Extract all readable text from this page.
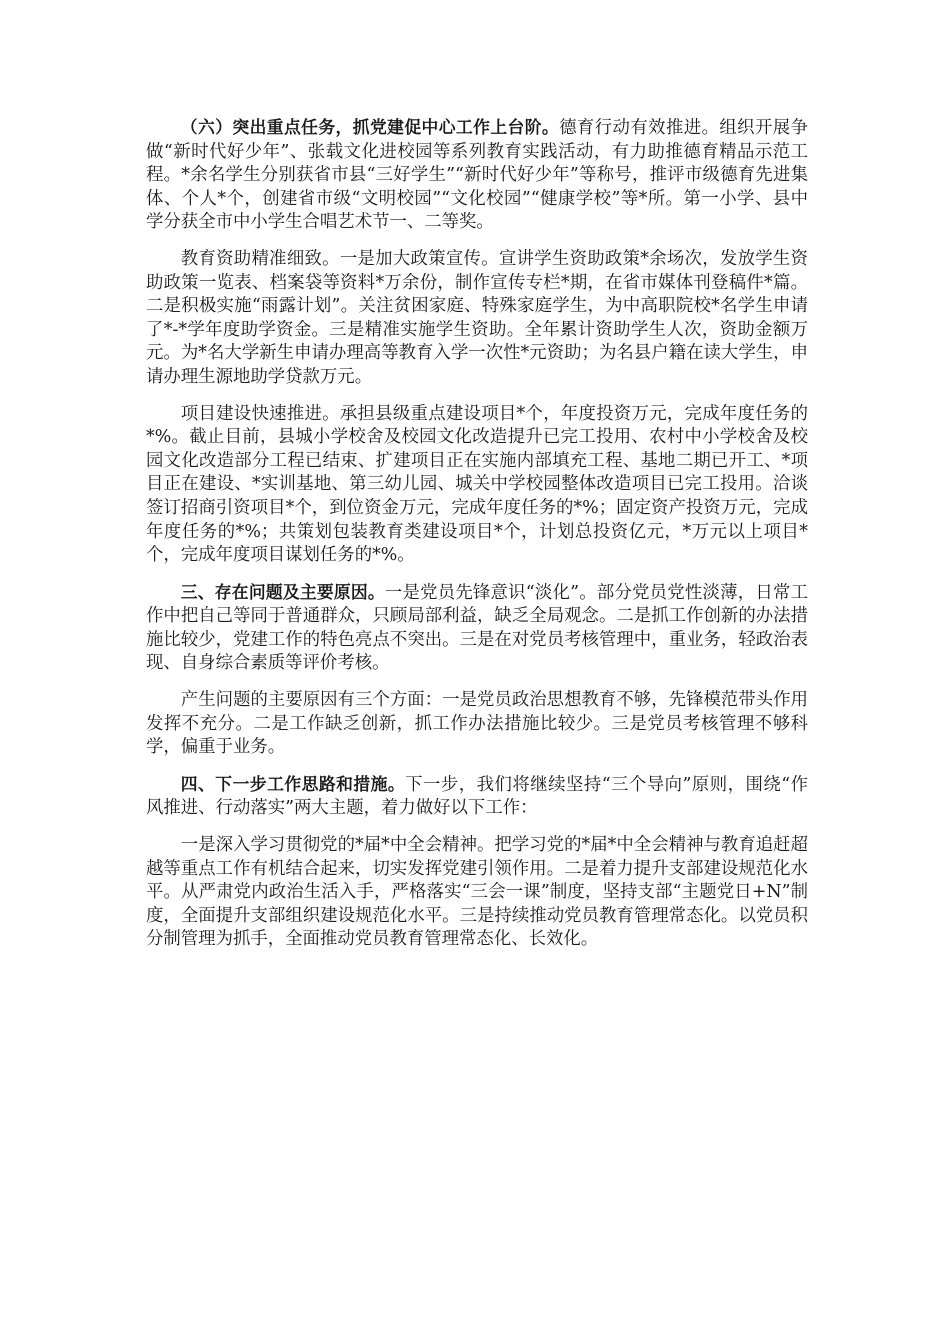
（六）突出重点任务，抓党建促中心工作上台阶。德育行动有效推进。组织开展争做“新时代好少年”、张载文化进校园等系列教育实践活动，有力助推德育精品示范工程。*余名学生分别获省市县“三好学生”“新时代好少年”等称号，推评市级德育先进集体、个人*个，创建省市级“文明校园”“文化校园”“健康学校”等*所。第一小学、县中学分获全市中小学生合唱艺术节一、二等奖。

教育资助精准细致。一是加大政策宣传。宣讲学生资助政策*余场次，发放学生资助政策一览表、档案袋等资料*万余份，制作宣传专栏*期，在省市媒体刊登稿件*篇。二是积极实施“雨露计划”。关注贫困家庭、特殊家庭学生，为中高职院校*名学生申请了*-*学年度助学资金。三是精准实施学生资助。全年累计资助学生人次，资助金额万元。为*名大学新生申请办理高等教育入学一次性*元资助；为名县户籍在读大学生，申请办理生源地助学贷款万元。

项目建设快速推进。承担县级重点建设项目*个，年度投资万元，完成年度任务的*%。截止目前，县城小学校舍及校园文化改造提升已完工投用、农村中小学校舍及校园文化改造部分工程已结束、扩建项目正在实施内部填充工程、基地二期已开工、*项目正在建设、*实训基地、第三幼儿园、城关中学校园整体改造项目已完工投用。洽谈签订招商引资项目*个，到位资金万元，完成年度任务的*%；固定资产投资万元，完成年度任务的*%；共策划包装教育类建设项目*个，计划总投资亿元，*万元以上项目*个，完成年度项目谋划任务的*%。

三、存在问题及主要原因。一是党员先锋意识“淡化”。部分党员党性淡薄，日常工作中把自己等同于普通群众，只顾局部利益，缺乏全局观念。二是抓工作创新的办法措施比较少，党建工作的特色亮点不突出。三是在对党员考核管理中，重业务，轻政治表现、自身综合素质等评价考核。

产生问题的主要原因有三个方面：一是党员政治思想教育不够，先锋模范带头作用发挥不充分。二是工作缺乏创新，抓工作办法措施比较少。三是党员考核管理不够科学，偏重于业务。

四、下一步工作思路和措施。下一步，我们将继续坚持“三个导向”原则，围绕“作风推进、行动落实”两大主题，着力做好以下工作：

一是深入学习贯彻党的*届*中全会精神。把学习党的*届*中全会精神与教育追赶超越等重点工作有机结合起来，切实发挥党建引领作用。二是着力提升支部建设规范化水平。从严肃党内政治生活入手，严格落实“三会一课”制度，坚持支部“主题党日+N”制度，全面提升支部组织建设规范化水平。三是持续推动党员教育管理常态化。以党员积分制管理为抓手，全面推动党员教育管理常态化、长效化。
